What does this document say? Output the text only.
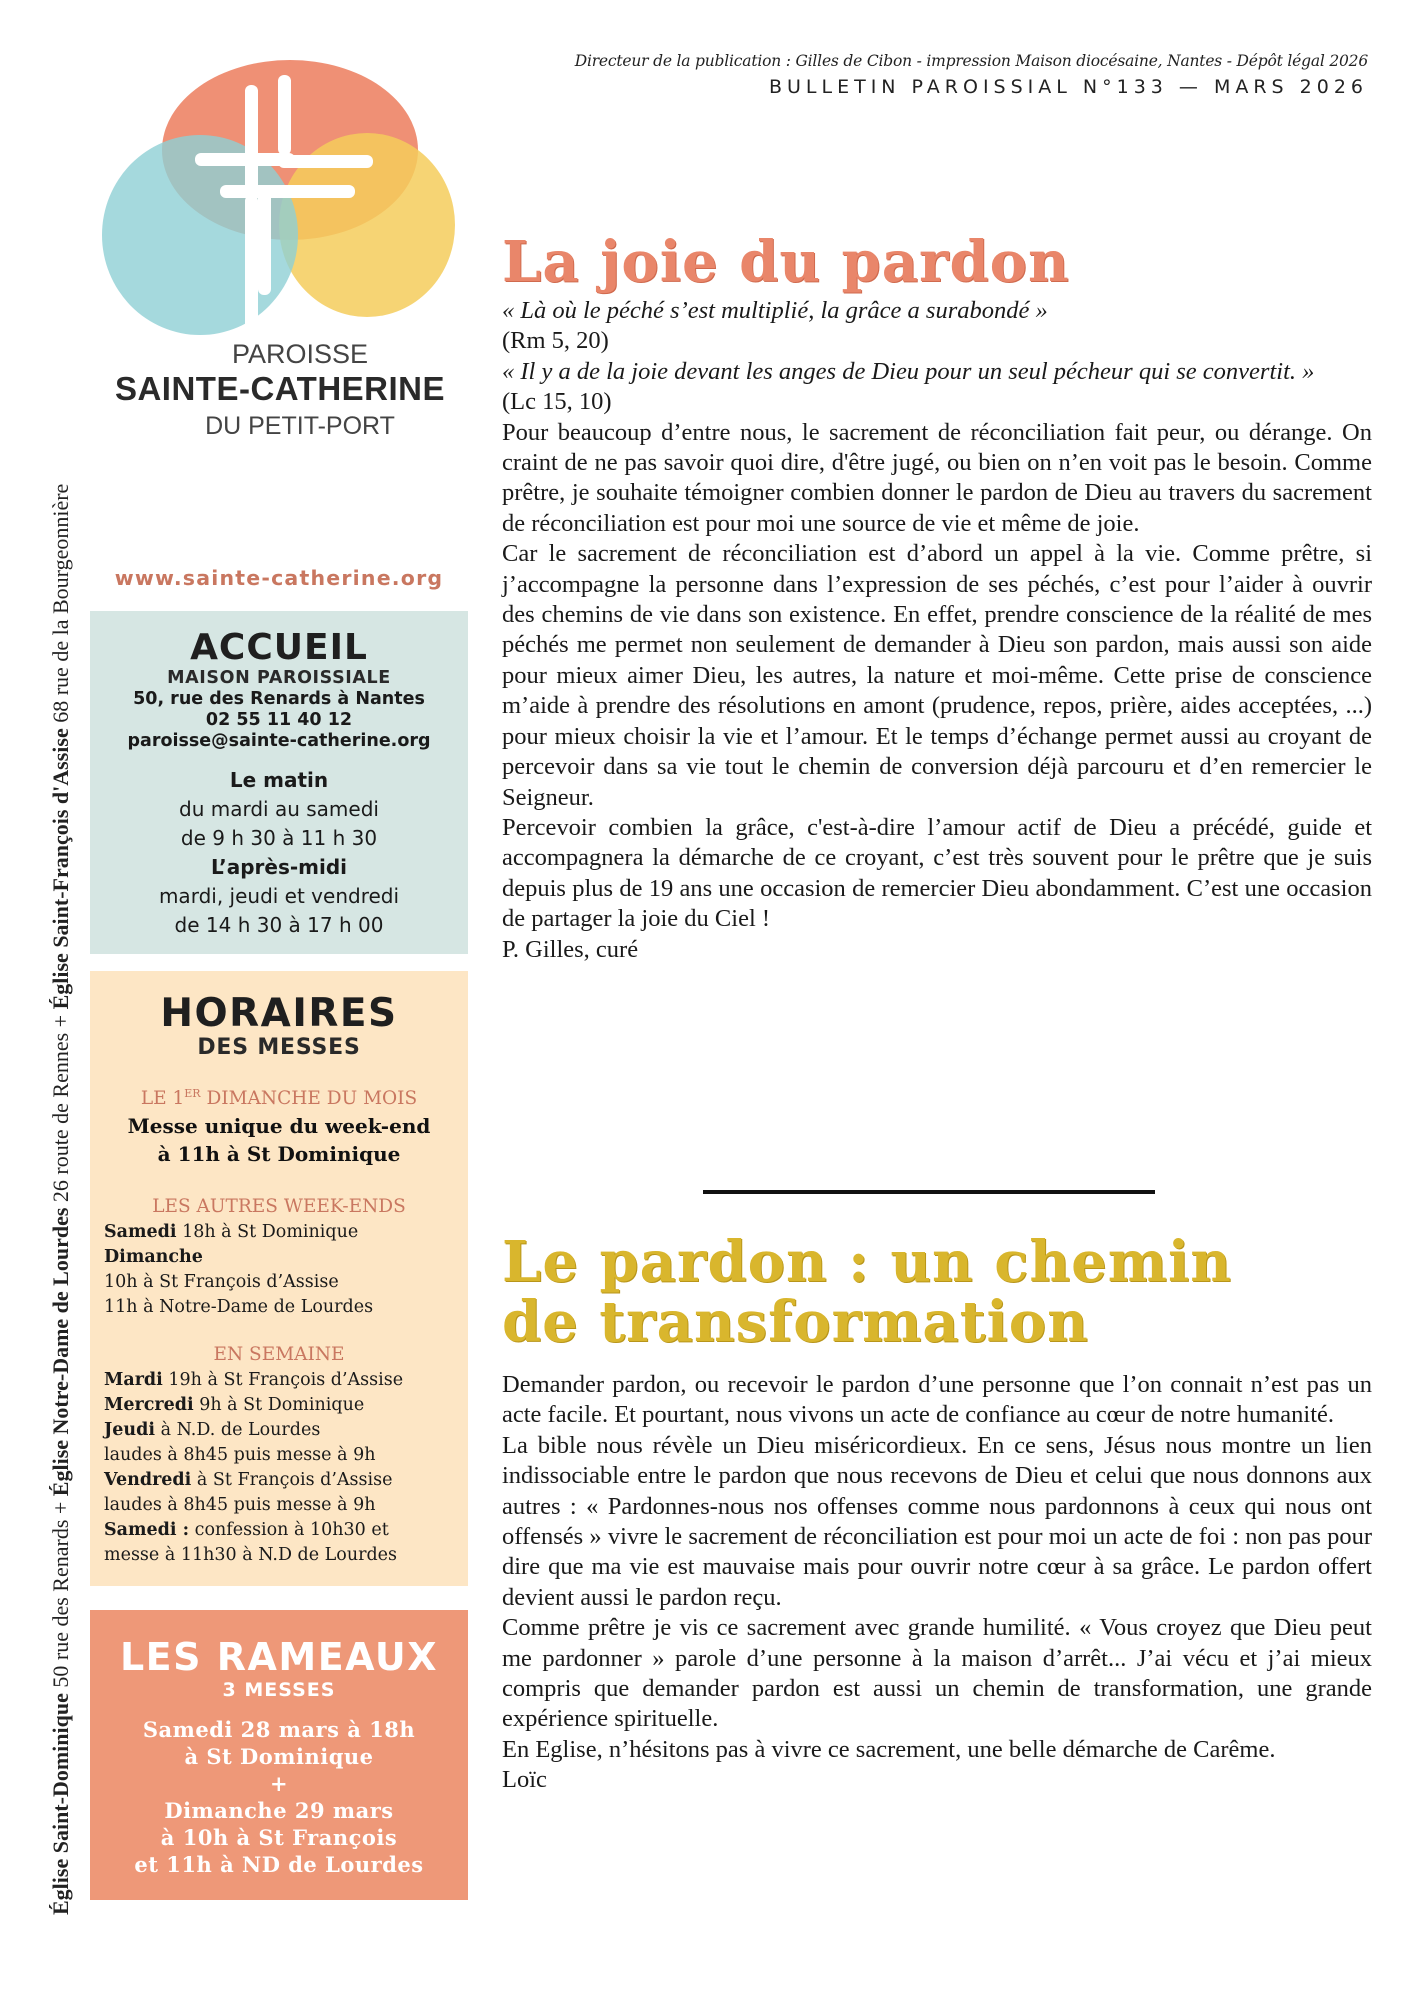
Directeur de la publication : Gilles de Cibon - impression Maison diocésaine, Nantes - Dépôt légal 2026
BULLETIN PAROISSIAL N°133 — MARS 2026
PAROISSE
SAINTE-CATHERINE
DU PETIT-PORT
Église Saint-Dominique 50 rue des Renards + Église Notre-Dame de Lourdes 26 route de Rennes + Église Saint-François d'Assise 68 rue de la Bourgeonnière	www.sainte-catherine.org
ACCUEIL
MAISON PAROISSIALE
50, rue des Renards à Nantes
02 55 11 40 12
paroisse@sainte-catherine.org
Le matin
du mardi au samedi
de 9 h 30 à 11 h 30
L’après-midi
mardi, jeudi et vendredi
de 14 h 30 à 17 h 00
HORAIRES
DES MESSES
LE 1ER DIMANCHE DU MOIS
Messe unique du week-end
à 11h à St Dominique
LES AUTRES WEEK-ENDS
Samedi 18h à St Dominique
Dimanche
10h à St François d’Assise
11h à Notre-Dame de Lourdes
EN SEMAINE
Mardi 19h à St François d’Assise
Mercredi 9h à St Dominique
Jeudi à N.D. de Lourdes
laudes à 8h45 puis messe à 9h
Vendredi à St François d’Assise
laudes à 8h45 puis messe à 9h
Samedi : confession à 10h30 et
messe à 11h30 à N.D de Lourdes
LES RAMEAUX
3 MESSES
Samedi 28 mars à 18h
à St Dominique
+
Dimanche 29 mars
à 10h à St François
et 11h à ND de Lourdes
La joie du pardon

« Là où le péché s’est multiplié, la grâce a surabondé »

(Rm 5, 20)

« Il y a de la joie devant les anges de Dieu pour un seul pécheur qui se convertit. »

(Lc 15, 10)

Pour beaucoup d’entre nous, le sacrement de réconciliation fait peur, ou dérange. On craint de ne pas savoir quoi dire, d'être jugé, ou bien on n’en voit pas le besoin. Comme prêtre, je souhaite témoigner combien donner le pardon de Dieu au travers du sacrement de réconciliation est pour moi une source de vie et même de joie.

Car le sacrement de réconciliation est d’abord un appel à la vie. Comme prêtre, si j’accompagne la personne dans l’expression de ses péchés, c’est pour l’aider à ouvrir des chemins de vie dans son existence. En effet, prendre conscience de la réalité de mes péchés me permet non seulement de demander à Dieu son pardon, mais aussi son aide pour mieux aimer Dieu, les autres, la nature et moi-même. Cette prise de conscience m’aide à prendre des résolutions en amont (prudence, repos, prière, aides acceptées, ...) pour mieux choisir la vie et l’amour. Et le temps d’échange permet aussi au croyant de percevoir dans sa vie tout le chemin de conversion déjà parcouru et d’en remercier le Seigneur.

Percevoir combien la grâce, c'est-à-dire l’amour actif de Dieu a précédé, guide et accompagnera la démarche de ce croyant, c’est très souvent pour le prêtre que je suis depuis plus de 19 ans une occasion de remercier Dieu abondamment. C’est une occasion de partager la joie du Ciel !

P. Gilles, curé

Le pardon : un chemin
de transformation

Demander pardon, ou recevoir le pardon d’une personne que l’on connait n’est pas un acte facile. Et pourtant, nous vivons un acte de confiance au cœur de notre humanité.

La bible nous révèle un Dieu miséricordieux. En ce sens, Jésus nous montre un lien indissociable entre le pardon que nous recevons de Dieu et celui que nous donnons aux autres : « Pardonnes-nous nos offenses comme nous pardonnons à ceux qui nous ont offensés » vivre le sacrement de réconciliation est pour moi un acte de foi : non pas pour dire que ma vie est mauvaise mais pour ouvrir notre cœur à sa grâce. Le pardon offert devient aussi le pardon reçu.

Comme prêtre je vis ce sacrement avec grande humilité. « Vous croyez que Dieu peut me pardonner » parole d’une personne à la maison d’arrêt... J’ai vécu et j’ai mieux compris que demander pardon est aussi un chemin de transformation, une grande expérience spirituelle.

En Eglise, n’hésitons pas à vivre ce sacrement, une belle démarche de Carême.

Loïc
